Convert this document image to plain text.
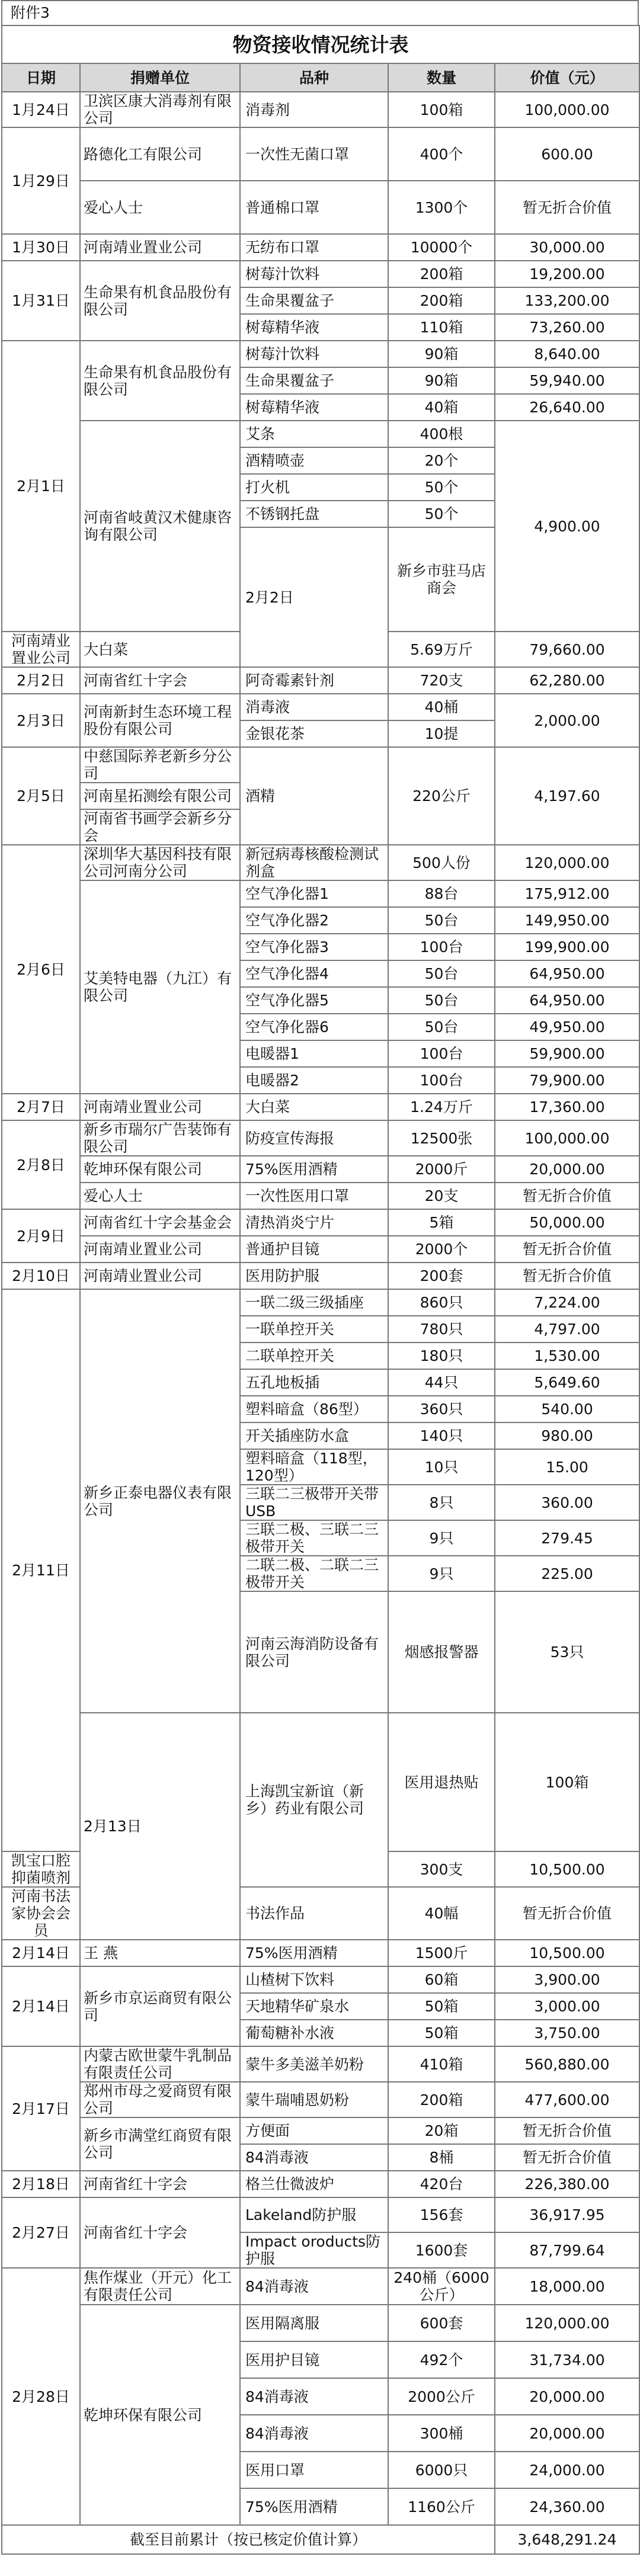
附件3
物资接收情况统计表					
日期	捐赠单位	品种	数量	价值（元）	
1月24日	卫滨区康大消毒剂有限公司	消毒剂	100箱	100,000.00	
1月29日	路德化工有限公司	一次性无菌口罩	400个	600.00	
	爱心人士	普通棉口罩	1300个	暂无折合价值	
1月30日	河南靖业置业公司	无纺布口罩	10000个	30,000.00	
1月31日	生命果有机食品股份有限公司	树莓汁饮料	200箱	19,200.00	
		生命果覆盆子	200箱	133,200.00	
		树莓精华液	110箱	73,260.00	
2月1日	生命果有机食品股份有限公司	树莓汁饮料	90箱	8,640.00	
		生命果覆盆子	90箱	59,940.00	
		树莓精华液	40箱	26,640.00	
	河南省岐黄汉术健康咨询有限公司	艾条	400根	4,900.00	
		酒精喷壶	20个		
		打火机	50个		
		不锈钢托盘	50个		
		2月2日	新乡市驻马店商会			
河南靖业置业公司	大白菜		5.69万斤	79,660.00	
2月2日	河南省红十字会	阿奇霉素针剂	720支	62,280.00	
2月3日	河南新封生态环境工程股份有限公司	消毒液	40桶	2,000.00	
		金银花茶	10提		
2月5日	中慈国际养老新乡分公司	酒精	220公斤	4,197.60	
	河南星拓测绘有限公司				
	河南省书画学会新乡分会				
2月6日	深圳华大基因科技有限公司河南分公司	新冠病毒核酸检测试剂盒	500人份	120,000.00	
	艾美特电器（九江）有限公司	空气净化器1	88台	175,912.00	
		空气净化器2	50台	149,950.00	
		空气净化器3	100台	199,900.00	
		空气净化器4	50台	64,950.00	
		空气净化器5	50台	64,950.00	
		空气净化器6	50台	49,950.00	
		电暖器1	100台	59,900.00	
		电暖器2	100台	79,900.00	
2月7日	河南靖业置业公司	大白菜	1.24万斤	17,360.00	
2月8日	新乡市瑞尔广告装饰有限公司	防疫宣传海报	12500张	100,000.00	
	乾坤环保有限公司	75%医用酒精	2000斤	20,000.00	
	爱心人士	一次性医用口罩	20支	暂无折合价值	
2月9日	河南省红十字会基金会	清热消炎宁片	5箱	50,000.00	
	河南靖业置业公司	普通护目镜	2000个	暂无折合价值	
2月10日	河南靖业置业公司	医用防护服	200套	暂无折合价值	
2月11日	新乡正泰电器仪表有限公司	一联二级三级插座	860只	7,224.00	
		一联单控开关	780只	4,797.00	
		二联单控开关	180只	1,530.00	
		五孔地板插	44只	5,649.60	
		塑料暗盒（86型）	360只	540.00	
		开关插座防水盒	140只	980.00	
		塑料暗盒（118型，120型）	10只	15.00	
		三联二三极带开关带USB	8只	360.00	
		三联二极、三联二三极带开关	9只	279.45	
		二联二极、二联二三极带开关	9只	225.00	
		河南云海消防设备有限公司	烟感报警器	53只	
	2月13日	上海凯宝新谊（新乡）药业有限公司	医用退热贴	100箱	
凯宝口腔抑菌喷剂			300支	10,500.00	
河南书法家协会会员		书法作品	40幅	暂无折合价值	
2月14日	王 燕	75%医用酒精	1500斤	10,500.00	
2月14日	新乡市京运商贸有限公司	山楂树下饮料	60箱	3,900.00	
		天地精华矿泉水	50箱	3,000.00	
		葡萄糖补水液	50箱	3,750.00	
2月17日	内蒙古欧世蒙牛乳制品有限责任公司	蒙牛多美滋羊奶粉	410箱	560,880.00	
	郑州市母之爱商贸有限公司	蒙牛瑞哺恩奶粉	200箱	477,600.00	
	新乡市满堂红商贸有限公司	方便面	20箱	暂无折合价值	
		84消毒液	8桶	暂无折合价值	
2月18日	河南省红十字会	格兰仕微波炉	420台	226,380.00	
2月27日	河南省红十字会	Lakeland防护服	156套	36,917.95	
		Impact oroducts防护服	1600套	87,799.64	
2月28日	焦作煤业（开元）化工有限责任公司	84消毒液	240桶（6000公斤）	18,000.00	
	乾坤环保有限公司	医用隔离服	600套	120,000.00	
		医用护目镜	492个	31,734.00	
		84消毒液	2000公斤	20,000.00	
		84消毒液	300桶	20,000.00	
		医用口罩	6000只	24,000.00	
		75%医用酒精	1160公斤	24,360.00	
截至目前累计（按已核定价值计算）				3,648,291.24	
